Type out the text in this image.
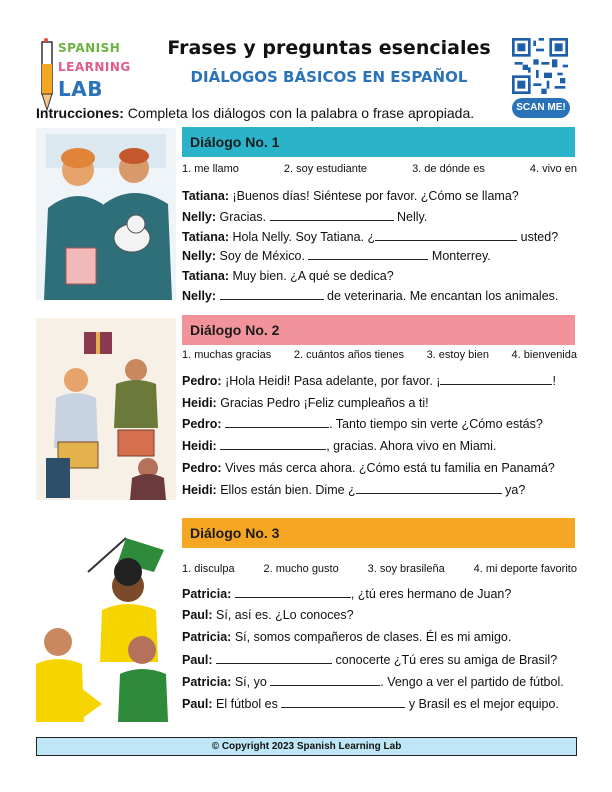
SPANISH
LEARNING
LAB
Frases y preguntas esenciales
DIÁLOGOS BÁSICOS EN ESPAÑOL
SCAN ME!
Intrucciones: Completa los diálogos con la palabra o frase apropiada.
Diálogo No. 1
1. me llamo	2. soy estudiante	3. de dónde es	4. vivo en
Tatiana: ¡Buenos días! Siéntese por favor. ¿Cómo se llama?
Nelly: Gracias.	Nelly.
Tatiana: Hola Nelly. Soy Tatiana. ¿	usted?
Nelly: Soy de México.	Monterrey.
Tatiana: Muy bien. ¿A qué se dedica?
Nelly:	de veterinaria. Me encantan los animales.
Diálogo No. 2
1. muchas gracias 2. cuántos años tienes 3. estoy bien 4. bienvenida
Pedro: ¡Hola Heidi! Pasa adelante, por favor. ¡	!
Heidi: Gracias Pedro ¡Feliz cumpleaños a ti!
Pedro:	. Tanto tiempo sin verte ¿Cómo estás?
Heidi:	, gracias. Ahora vivo en Miami.
Pedro: Vives más cerca ahora. ¿Cómo está tu familia en Panamá?
Heidi: Ellos están bien. Dime ¿	ya?
Diálogo No. 3
1. disculpa	2. mucho gusto	3. soy brasileña	4. mi deporte favorito
Patricia:	, ¿tú eres hermano de Juan?
Paul: Sí, así es. ¿Lo conoces?
Patricia: Sí, somos compañeros de clases. Él es mi amigo.
Paul:	conocerte ¿Tú eres su amiga de Brasil?
Patricia: Sí, yo	. Vengo a ver el partido de fútbol.
Paul: El fútbol es	y Brasil es el mejor equipo.
© Copyright 2023 Spanish Learning Lab
